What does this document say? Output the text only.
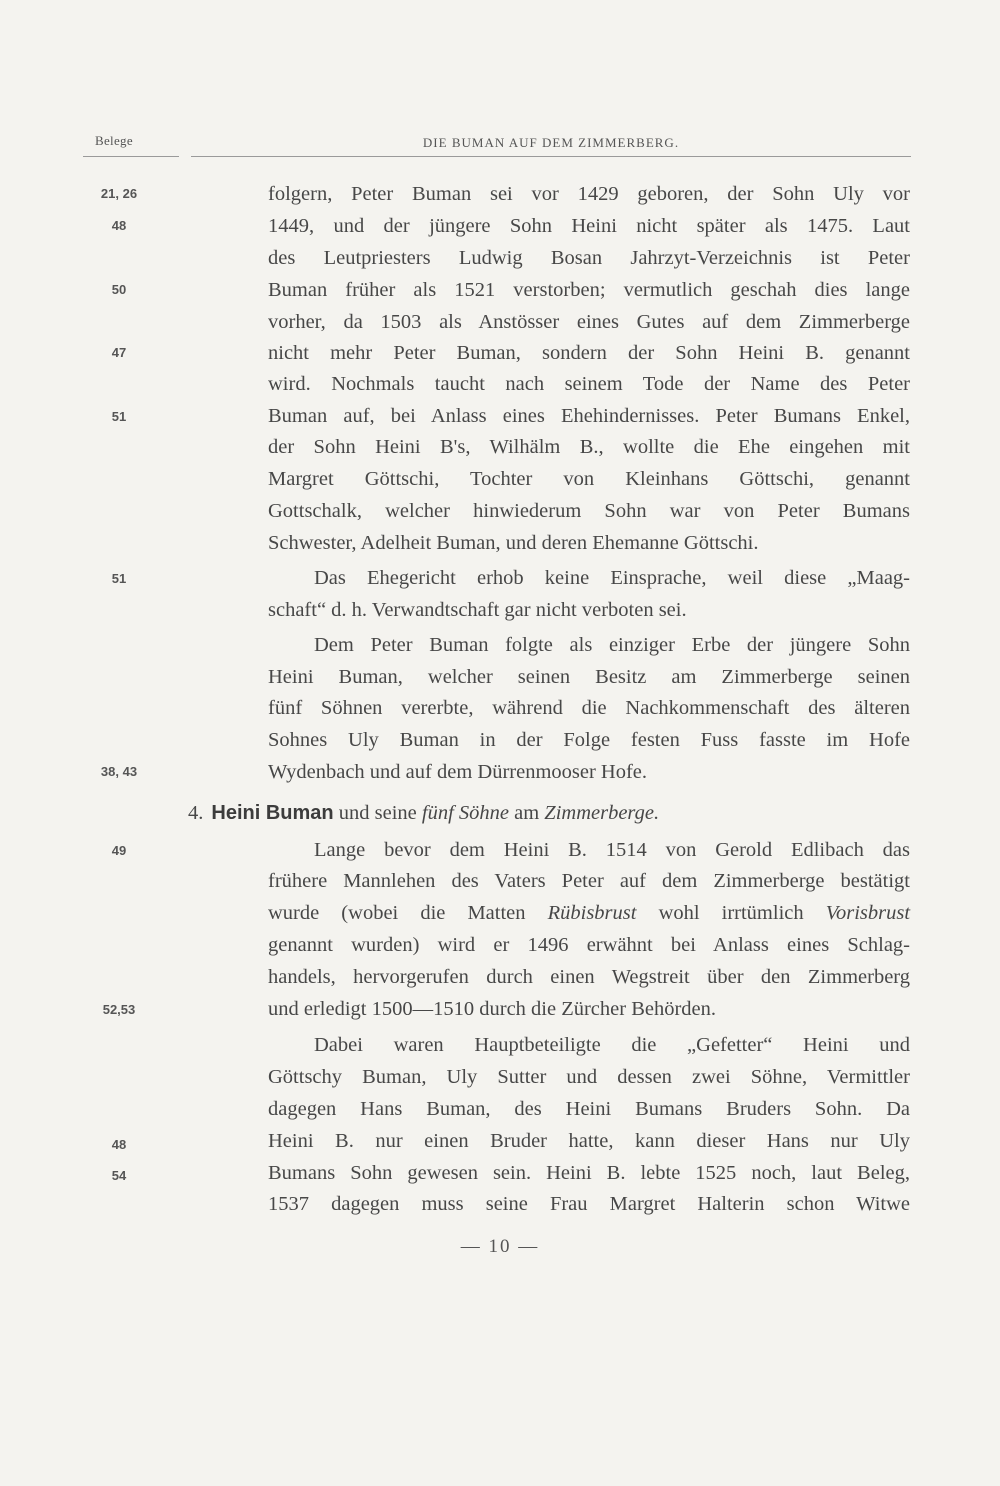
Belege	DIE BUMAN AUF DEM ZIMMERBERG.
21, 26
48
50
47
51
51
38, 43
49
52,53
48
54
folgern, Peter Buman sei vor 1429 geboren, der Sohn Uly vor
1449, und der jüngere Sohn Heini nicht später als 1475. Laut
des Leutpriesters Ludwig Bosan Jahrzyt-Verzeichnis ist Peter
Buman früher als 1521 verstorben; vermutlich geschah dies lange
vorher, da 1503 als Anstösser eines Gutes auf dem Zimmerberge
nicht mehr Peter Buman, sondern der Sohn Heini B. genannt
wird. Nochmals taucht nach seinem Tode der Name des Peter
Buman auf, bei Anlass eines Ehehindernisses. Peter Bumans Enkel,
der Sohn Heini B's, Wilhälm B., wollte die Ehe eingehen mit
Margret Göttschi, Tochter von Kleinhans Göttschi, genannt
Gottschalk, welcher hinwiederum Sohn war von Peter Bumans
Schwester, Adelheit Buman, und deren Ehemanne Göttschi.
Das Ehegericht erhob keine Einsprache, weil diese „Maag-
schaft“ d. h. Verwandtschaft gar nicht verboten sei.
Dem Peter Buman folgte als einziger Erbe der jüngere Sohn
Heini Buman, welcher seinen Besitz am Zimmerberge seinen
fünf Söhnen vererbte, während die Nachkommenschaft des älteren
Sohnes Uly Buman in der Folge festen Fuss fasste im Hofe
Wydenbach und auf dem Dürrenmooser Hofe.
4. Heini Buman und seine fünf Söhne am Zimmerberge.
Lange bevor dem Heini B. 1514 von Gerold Edlibach das
frühere Mannlehen des Vaters Peter auf dem Zimmerberge bestätigt
wurde (wobei die Matten Rübisbrust wohl irrtümlich Vorisbrust
genannt wurden) wird er 1496 erwähnt bei Anlass eines Schlag-
handels, hervorgerufen durch einen Wegstreit über den Zimmerberg
und erledigt 1500—1510 durch die Zürcher Behörden.
Dabei waren Hauptbeteiligte die „Gefetter“ Heini und
Göttschy Buman, Uly Sutter und dessen zwei Söhne, Vermittler
dagegen Hans Buman, des Heini Bumans Bruders Sohn. Da
Heini B. nur einen Bruder hatte, kann dieser Hans nur Uly
Bumans Sohn gewesen sein. Heini B. lebte 1525 noch, laut Beleg,
1537 dagegen muss seine Frau Margret Halterin schon Witwe
— 10 —
